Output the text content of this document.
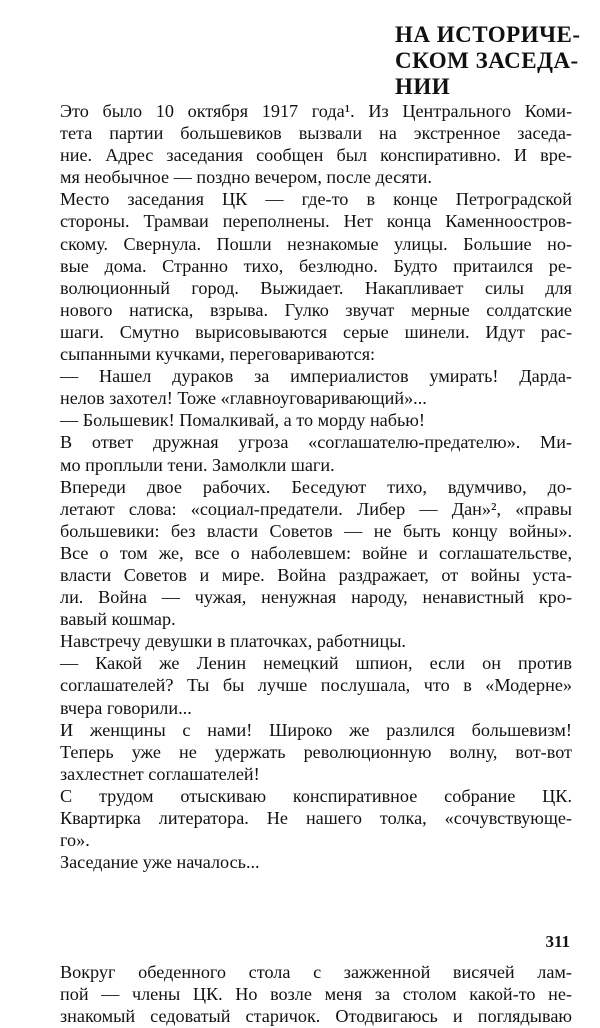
НА ИСТОРИЧЕ-
СКОМ ЗАСЕДА-
НИИ
Это было 10 октября 1917 года¹. Из Центрального Коми-
тета партии большевиков вызвали на экстренное заседа-
ние. Адрес заседания сообщен был конспиративно. И вре-
мя необычное — поздно вечером, после десяти.
Место заседания ЦК — где-то в конце Петроградской
стороны. Трамваи переполнены. Нет конца Каменноостров-
скому. Свернула. Пошли незнакомые улицы. Большие но-
вые дома. Странно тихо, безлюдно. Будто притаился ре-
волюционный город. Выжидает. Накапливает силы для
нового натиска, взрыва. Гулко звучат мерные солдатские
шаги. Смутно вырисовываются серые шинели. Идут рас-
сыпанными кучками, переговариваются:
— Нашел дураков за империалистов умирать! Дарда-
нелов захотел! Тоже «главноуговаривающий»...
— Большевик! Помалкивай, а то морду набью!
В ответ дружная угроза «соглашателю-предателю». Ми-
мо проплыли тени. Замолкли шаги.
Впереди двое рабочих. Беседуют тихо, вдумчиво, до-
летают слова: «социал-предатели. Либер — Дан»², «правы
большевики: без власти Советов — не быть концу войны».
Все о том же, все о наболевшем: войне и соглашательстве,
власти Советов и мире. Война раздражает, от войны уста-
ли. Война — чужая, ненужная народу, ненавистный кро-
вавый кошмар.
Навстречу девушки в платочках, работницы.
— Какой же Ленин немецкий шпион, если он против
соглашателей? Ты бы лучше послушала, что в «Модерне»
вчера говорили...
И женщины с нами! Широко же разлился большевизм!
Теперь уже не удержать революционную волну, вот-вот
захлестнет соглашателей!
С трудом отыскиваю конспиративное собрание ЦК.
Квартирка литератора. Не нашего толка, «сочувствующе-
го».
Заседание уже началось...
Вокруг обеденного стола с зажженной висячей лам-
пой — члены ЦК. Но возле меня за столом какой-то не-
знакомый седоватый старичок. Отодвигаюсь и поглядываю
311
